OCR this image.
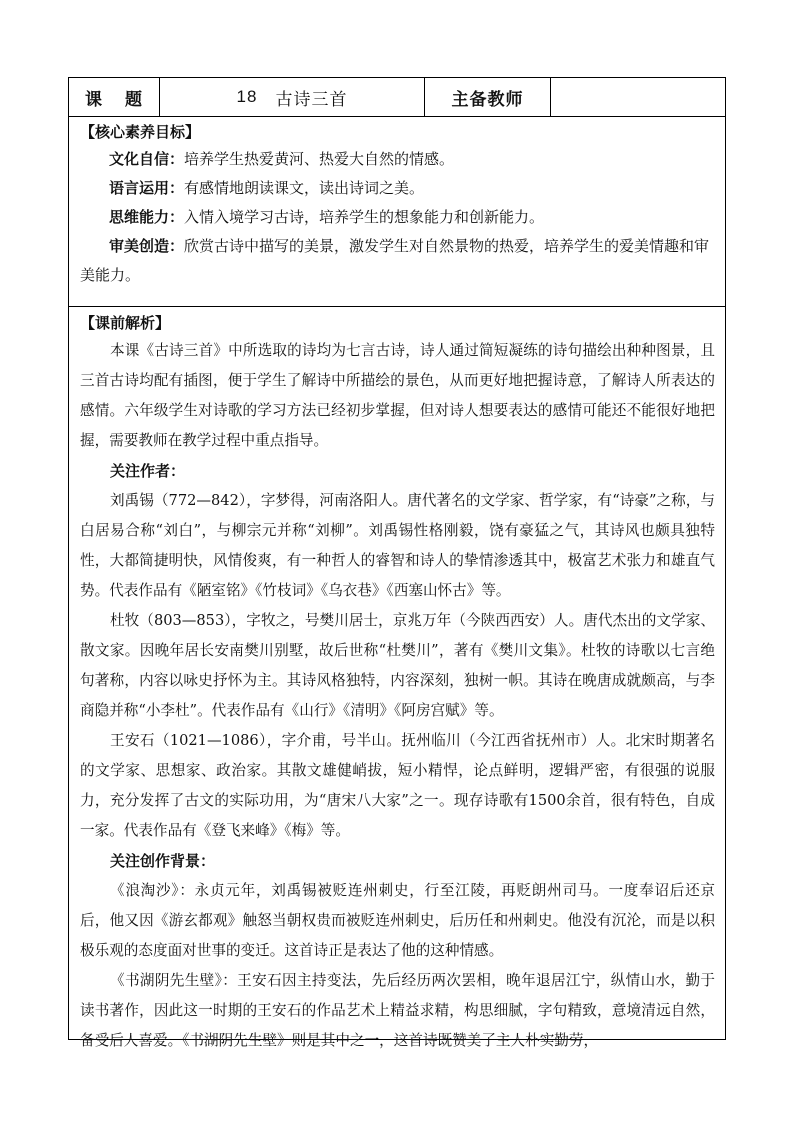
课 题	18 古诗三首	主备教师
【核心素养目标】
文化自信：培养学生热爱黄河、热爱大自然的情感。
语言运用：有感情地朗读课文，读出诗词之美。
思维能力：入情入境学习古诗，培养学生的想象能力和创新能力。
审美创造：欣赏古诗中描写的美景，激发学生对自然景物的热爱，培养学生的爱美情趣和审美能力。
【课前解析】

本课《古诗三首》中所选取的诗均为七言古诗，诗人通过简短凝练的诗句描绘出种种图景，且三首古诗均配有插图，便于学生了解诗中所描绘的景色，从而更好地把握诗意，了解诗人所表达的感情。六年级学生对诗歌的学习方法已经初步掌握，但对诗人想要表达的感情可能还不能很好地把握，需要教师在教学过程中重点指导。

关注作者：

刘禹锡（772—842），字梦得，河南洛阳人。唐代著名的文学家、哲学家，有“诗豪”之称，与白居易合称“刘白”，与柳宗元并称“刘柳”。刘禹锡性格刚毅，饶有豪猛之气，其诗风也颇具独特性，大都简捷明快，风情俊爽，有一种哲人的睿智和诗人的挚情渗透其中，极富艺术张力和雄直气势。代表作品有《陋室铭》《竹枝词》《乌衣巷》《西塞山怀古》等。

杜牧（803—853），字牧之，号樊川居士，京兆万年（今陕西西安）人。唐代杰出的文学家、散文家。因晚年居长安南樊川别墅，故后世称“杜樊川”，著有《樊川文集》。杜牧的诗歌以七言绝句著称，内容以咏史抒怀为主。其诗风格独特，内容深刻，独树一帜。其诗在晚唐成就颇高，与李商隐并称“小李杜”。代表作品有《山行》《清明》《阿房宫赋》等。

王安石（1021—1086），字介甫，号半山。抚州临川（今江西省抚州市）人。北宋时期著名的文学家、思想家、政治家。其散文雄健峭拔，短小精悍，论点鲜明，逻辑严密，有很强的说服力，充分发挥了古文的实际功用，为“唐宋八大家”之一。现存诗歌有1500余首，很有特色，自成一家。代表作品有《登飞来峰》《梅》等。

关注创作背景：

《浪淘沙》：永贞元年，刘禹锡被贬连州刺史，行至江陵，再贬朗州司马。一度奉诏后还京后，他又因《游玄都观》触怒当朝权贵而被贬连州刺史，后历任和州刺史。他没有沉沦，而是以积极乐观的态度面对世事的变迁。这首诗正是表达了他的这种情感。

《书湖阴先生壁》：王安石因主持变法，先后经历两次罢相，晚年退居江宁，纵情山水，勤于读书著作，因此这一时期的王安石的作品艺术上精益求精，构思细腻，字句精致，意境清远自然，备受后人喜爱。《书湖阴先生壁》则是其中之一，这首诗既赞美了主人朴实勤劳，
